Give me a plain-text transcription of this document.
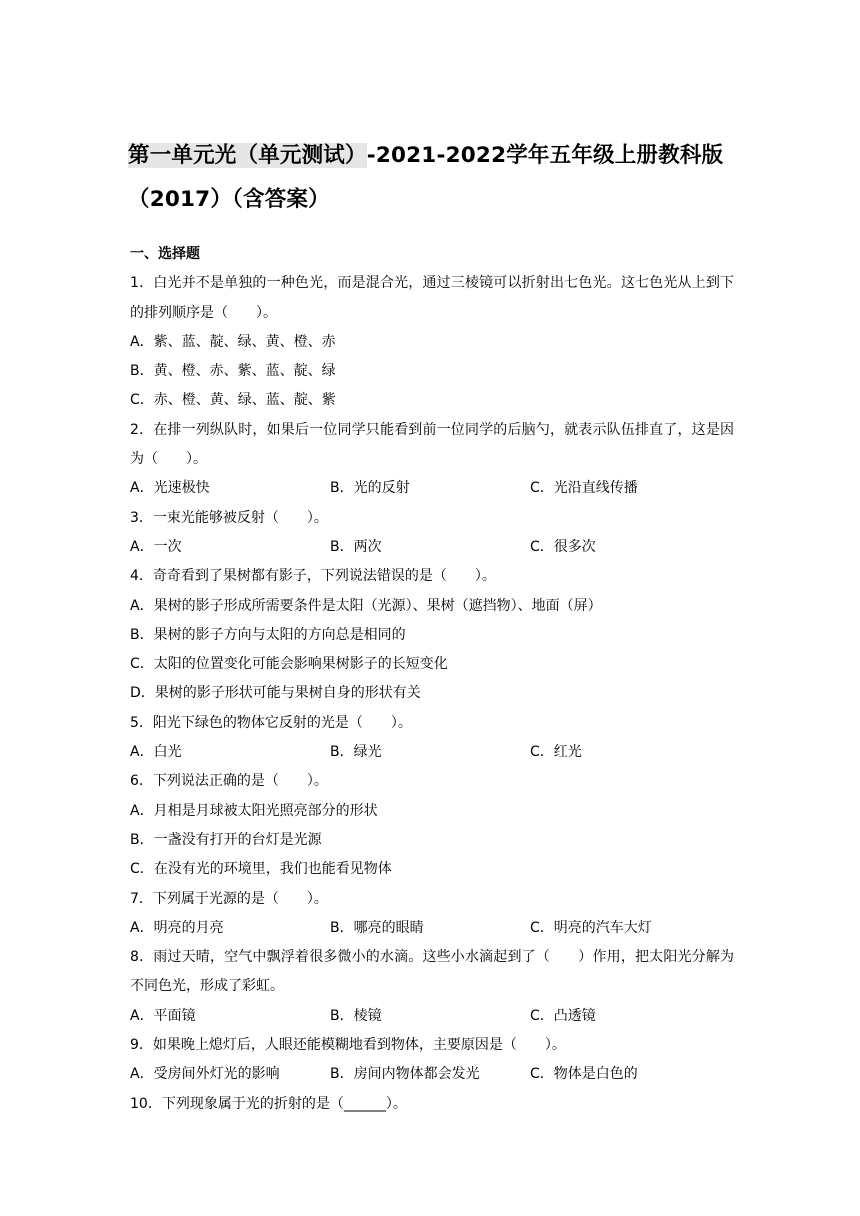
第一单元光（单元测试）-2021-2022学年五年级上册教科版（2017）（含答案）
一、选择题

1．白光并不是单独的一种色光，而是混合光，通过三棱镜可以折射出七色光。这七色光从上到下的排列顺序是（　　）。

A．紫、蓝、靛、绿、黄、橙、赤

B．黄、橙、赤、紫、蓝、靛、绿

C．赤、橙、黄、绿、蓝、靛、紫

2．在排一列纵队时，如果后一位同学只能看到前一位同学的后脑勺，就表示队伍排直了，这是因为（　　）。

A．光速极快	B．光的反射	C．光沿直线传播

3．一束光能够被反射（　　）。

A．一次	B．两次	C．很多次

4．奇奇看到了果树都有影子，下列说法错误的是（　　）。

A．果树的影子形成所需要条件是太阳（光源）、果树（遮挡物）、地面（屏）

B．果树的影子方向与太阳的方向总是相同的

C．太阳的位置变化可能会影响果树影子的长短变化

D．果树的影子形状可能与果树自身的形状有关

5．阳光下绿色的物体它反射的光是（　　）。

A．白光	B．绿光	C．红光

6．下列说法正确的是（　　）。

A．月相是月球被太阳光照亮部分的形状

B．一盏没有打开的台灯是光源

C．在没有光的环境里，我们也能看见物体

7．下列属于光源的是（　　）。

A．明亮的月亮	B．哪亮的眼睛	C．明亮的汽车大灯

8．雨过天晴，空气中飘浮着很多微小的水滴。这些小水滴起到了（　　）作用，把太阳光分解为不同色光，形成了彩虹。

A．平面镜	B．棱镜	C．凸透镜

9．如果晚上熄灯后，人眼还能模糊地看到物体，主要原因是（　　）。

A．受房间外灯光的影响	B．房间内物体都会发光	C．物体是白色的

10．下列现象属于光的折射的是（______）。
